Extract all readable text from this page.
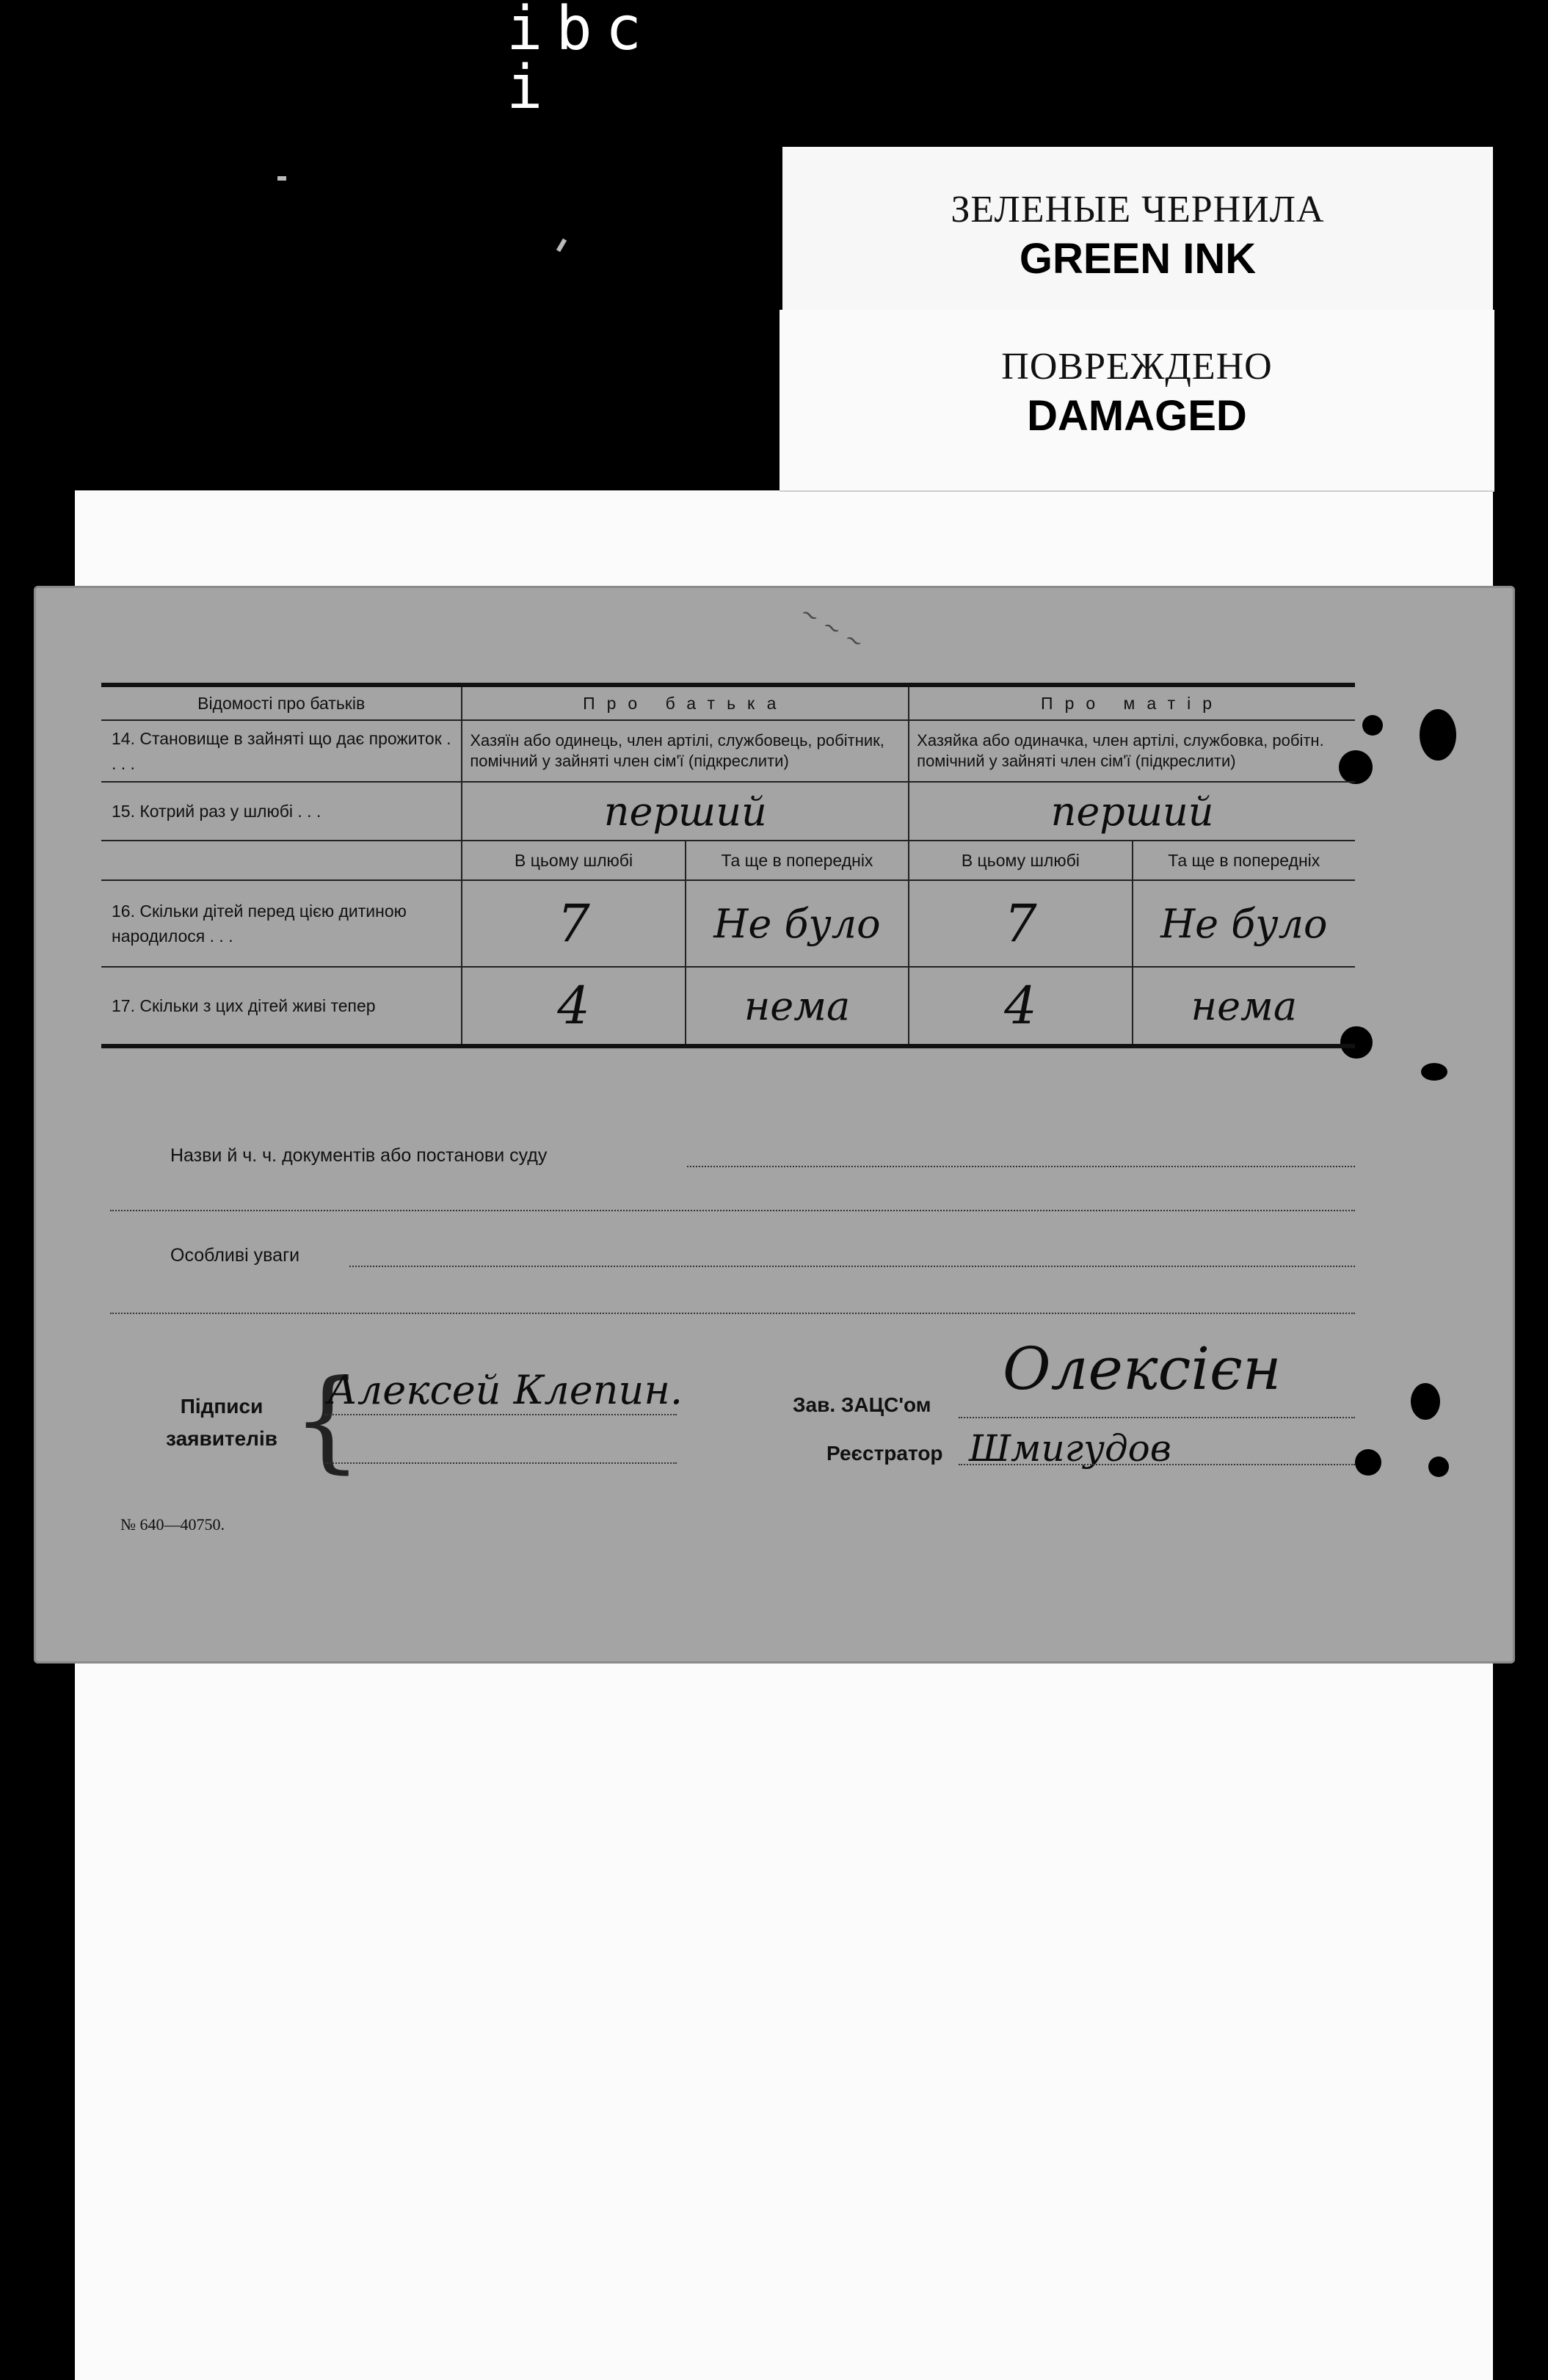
ibc i
ЗЕЛЕНЫЕ ЧЕРНИЛА
GREEN INK
ПОВРЕЖДЕНО
DAMAGED
~ ~ ~
Відомості про батьків	Про батька		Про матір	
14. Становище в зайняті що дає прожиток . . . .	Хазяїн або одинець, член артілі, службовець, робітник, помічний у зайняті член сім'ї (підкреслити)		Хазяйка або одиначка, член артілі, службовка, робітн. помічний у зайняті член сім'ї (підкреслити)	
15. Котрий раз у шлюбі . . .	перший		перший	
	В цьому шлюбі	Та ще в попередніх	В цьому шлюбі	Та ще в попередніх
16. Скільки дітей перед цією дитиною народилося . . .	7	Не було	7	Не було
17. Скільки з цих дітей живі тепер	4	нема	4	нема
Назви й ч. ч. документів або постанови суду
Особливі уваги
Підписи
заявителів {
Алексей Клепин.	Зав. ЗАЦС'ом
Олексієн
Реєстратор Шмигудов
№ 640—40750.
